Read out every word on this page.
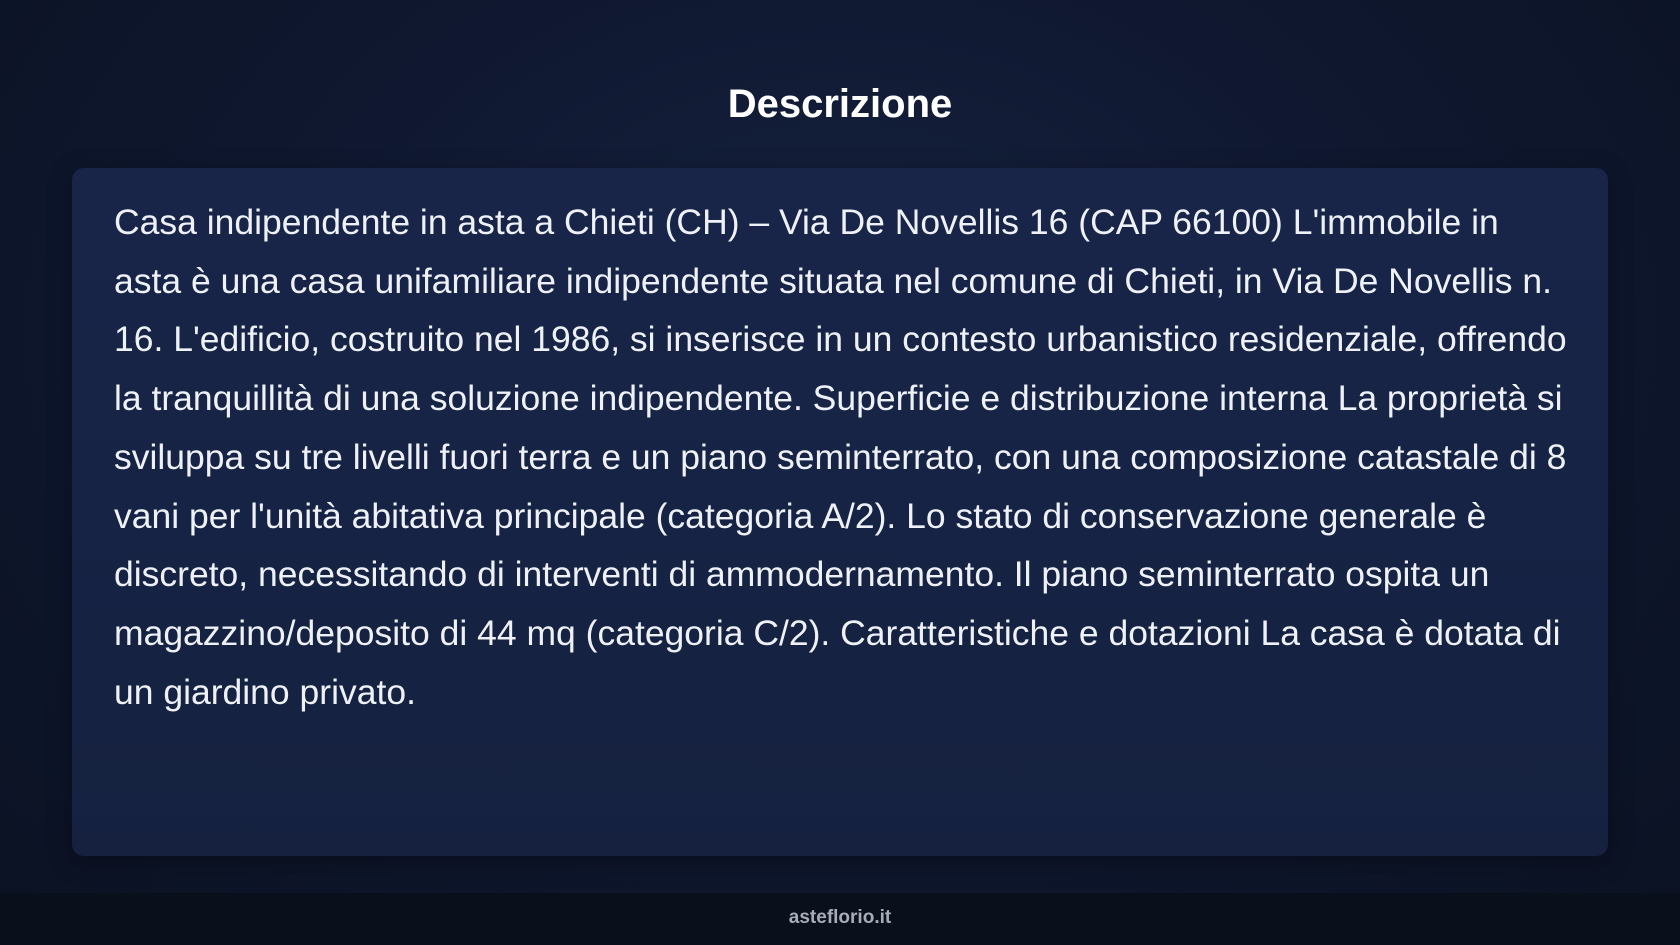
Descrizione

Casa indipendente in asta a Chieti (CH) – Via De Novellis 16 (CAP 66100) L'immobile in asta è una casa unifamiliare indipendente situata nel comune di Chieti, in Via De Novellis n. 16. L'edificio, costruito nel 1986, si inserisce in un contesto urbanistico residenziale, offrendo la tranquillità di una soluzione indipendente. Superficie e distribuzione interna La proprietà si sviluppa su tre livelli fuori terra e un piano seminterrato, con una composizione catastale di 8 vani per l'unità abitativa principale (categoria A/2). Lo stato di conservazione generale è discreto, necessitando di interventi di ammodernamento. Il piano seminterrato ospita un magazzino/deposito di 44 mq (categoria C/2). Caratteristiche e dotazioni La casa è dotata di un giardino privato.

asteflorio.it
